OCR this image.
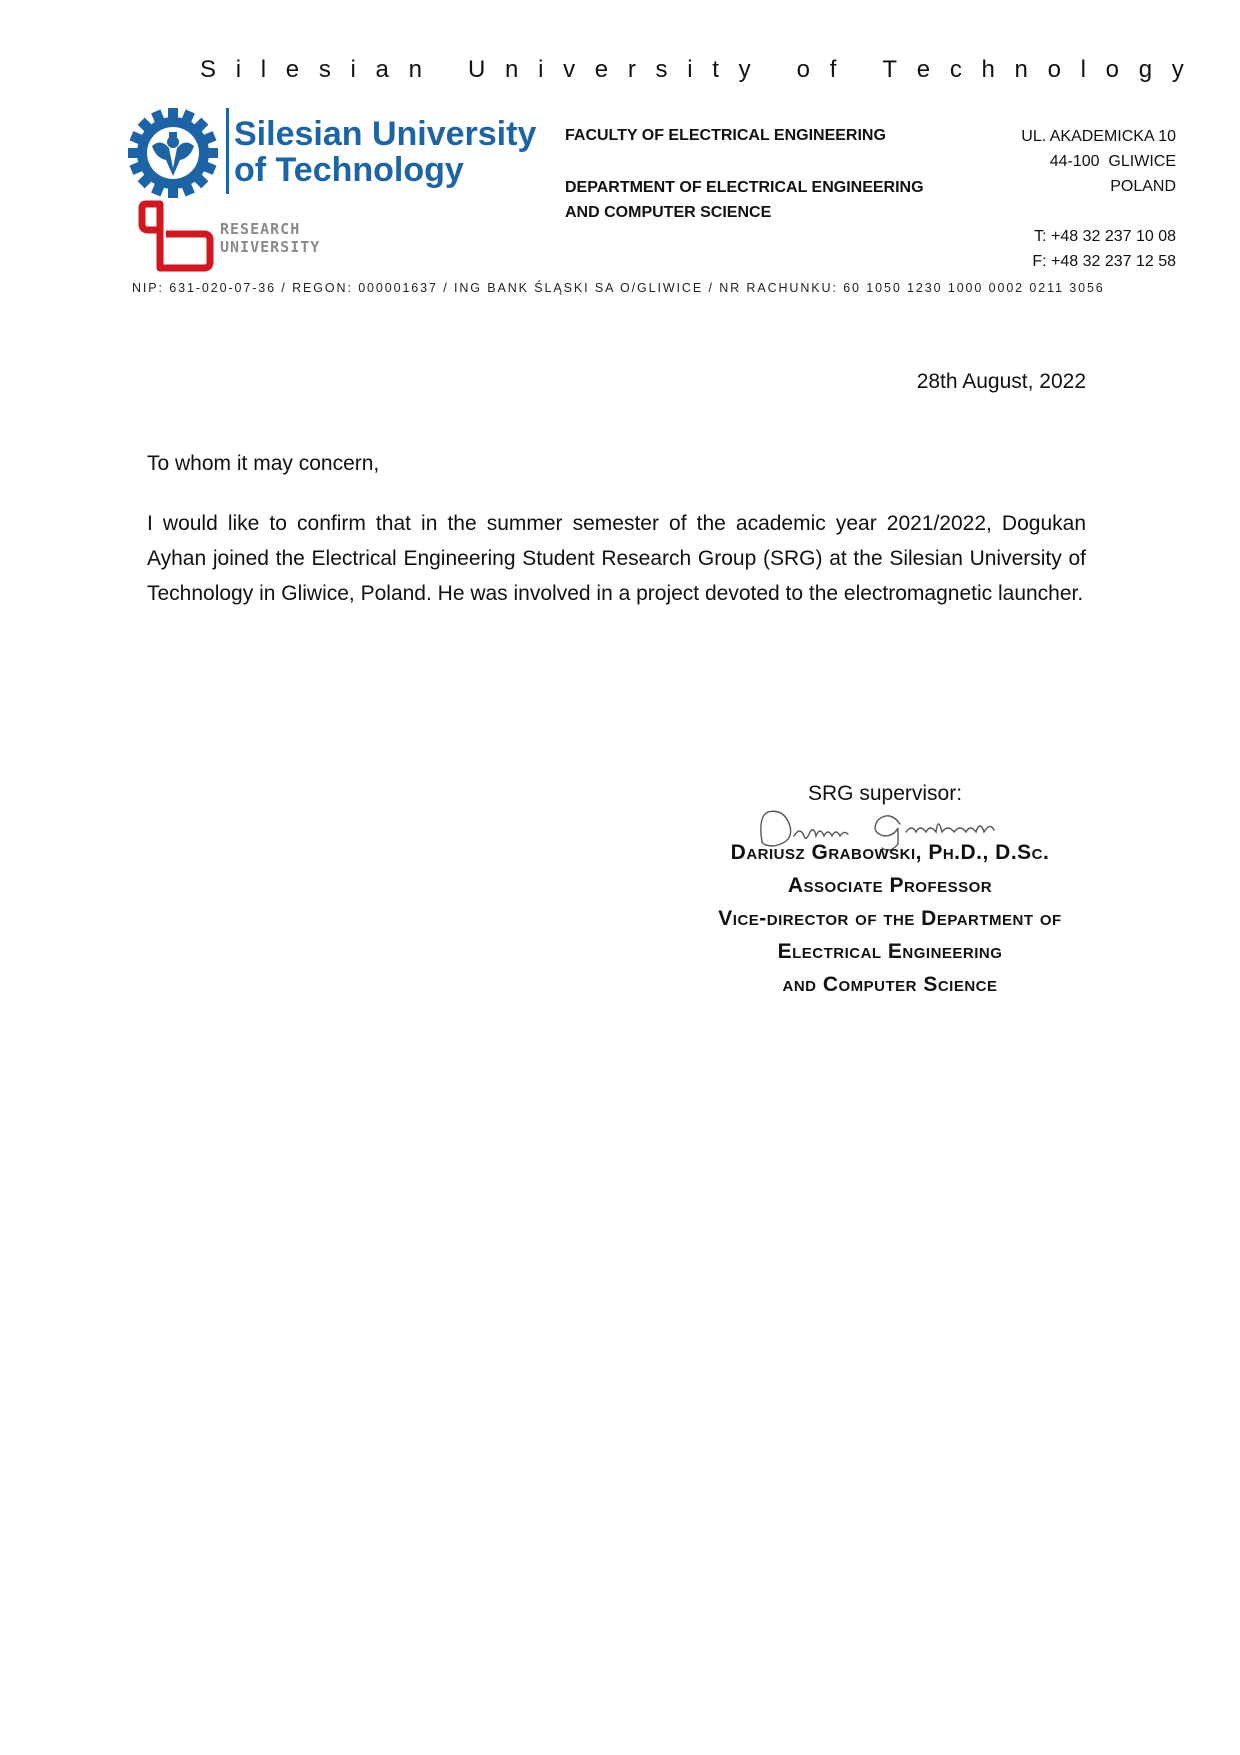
S i l e s i a n
U n i v e r s i t y
o f
T e c h n o l o g y
Silesian University
of Technology
RESEARCH
UNIVERSITY
FACULTY OF ELECTRICAL ENGINEERING
DEPARTMENT OF ELECTRICAL ENGINEERING
AND COMPUTER SCIENCE
UL. AKADEMICKA 10
44-100  GLIWICE
POLAND
T: +48 32 237 10 08
F: +48 32 237 12 58
NIP: 631-020-07-36 / REGON: 000001637 / ING BANK ŚLĄSKI SA O/GLIWICE / NR RACHUNKU: 60 1050 1230 1000 0002 0211 3056
28th August, 2022
To whom it may concern,
I would like to confirm that in the summer semester of the academic year 2021/2022, Dogukan Ayhan joined the Electrical Engineering Student Research Group (SRG) at the Silesian University of Technology in Gliwice, Poland. He was involved in a project devoted to the electromagnetic launcher.
SRG supervisor:
Dariusz Grabowski, Ph.D., D.Sc.
Associate Professor
Vice-director of the Department of
Electrical Engineering
and Computer Science
